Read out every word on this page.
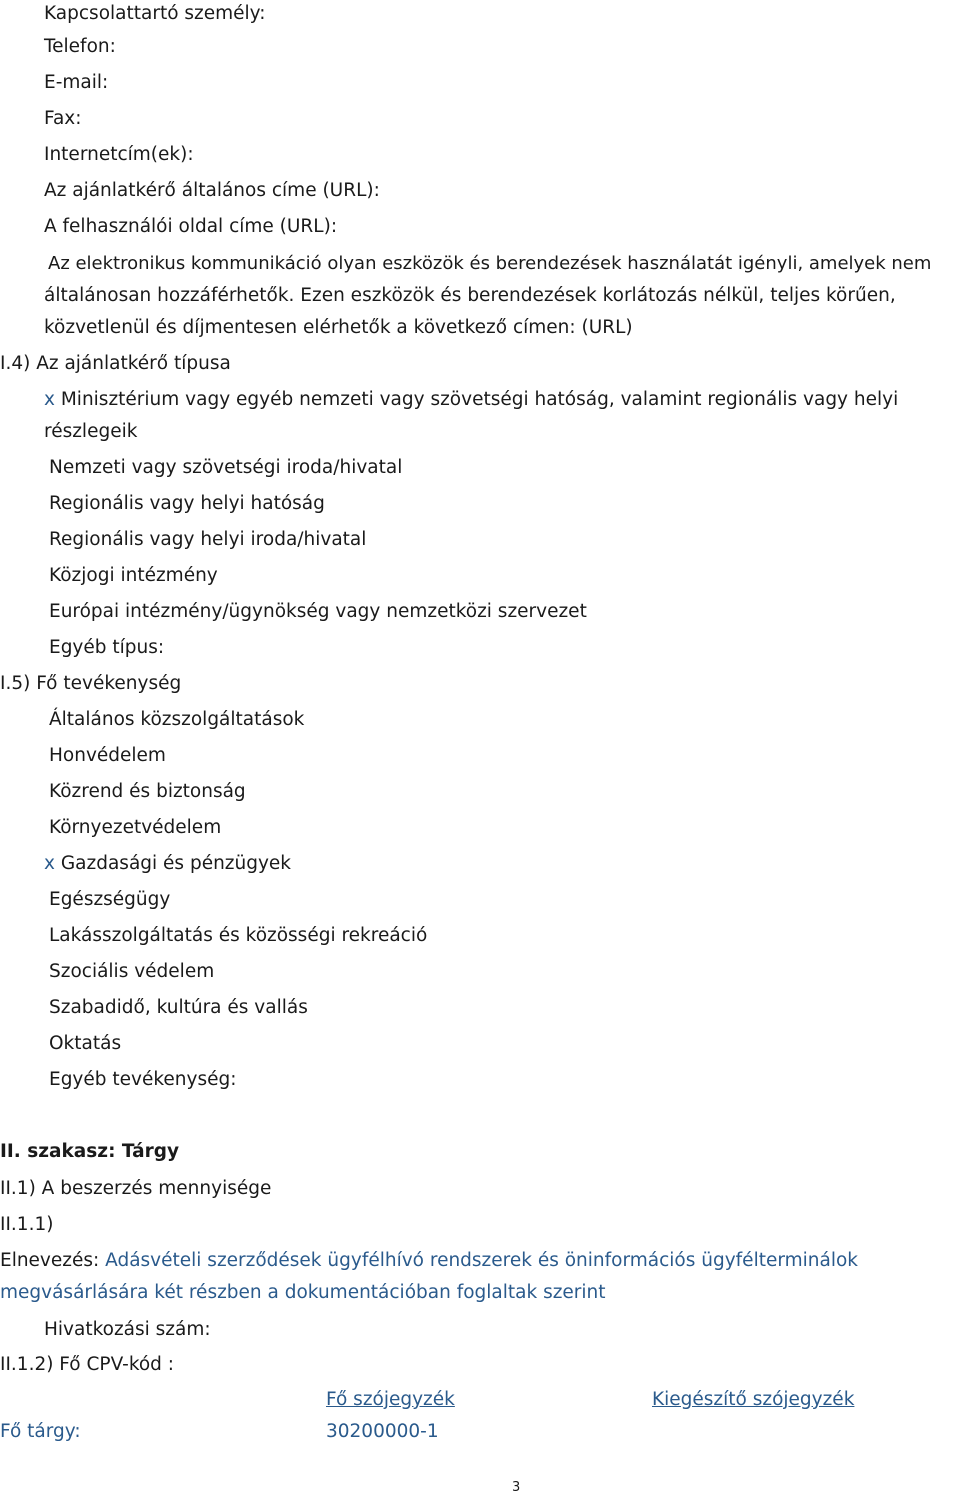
Kapcsolattartó személy:
Telefon:
E-mail:
Fax:
Internetcím(ek):
Az ajánlatkérő általános címe (URL):
A felhasználói oldal címe (URL):
Az elektronikus kommunikáció olyan eszközök és berendezések használatát igényli, amelyek nem
általánosan hozzáférhetők. Ezen eszközök és berendezések korlátozás nélkül, teljes körűen,
közvetlenül és díjmentesen elérhetők a következő címen: (URL)
I.4) Az ajánlatkérő típusa
x Minisztérium vagy egyéb nemzeti vagy szövetségi hatóság, valamint regionális vagy helyi
részlegeik
Nemzeti vagy szövetségi iroda/hivatal
Regionális vagy helyi hatóság
Regionális vagy helyi iroda/hivatal
Közjogi intézmény
Európai intézmény/ügynökség vagy nemzetközi szervezet
Egyéb típus:
I.5) Fő tevékenység
Általános közszolgáltatások
Honvédelem
Közrend és biztonság
Környezetvédelem
x Gazdasági és pénzügyek
Egészségügy
Lakásszolgáltatás és közösségi rekreáció
Szociális védelem
Szabadidő, kultúra és vallás
Oktatás
Egyéb tevékenység:
II. szakasz: Tárgy
II.1) A beszerzés mennyisége
II.1.1)
Elnevezés: Adásvételi szerződések ügyfélhívó rendszerek és öninformációs ügyfélterminálok
megvásárlására két részben a dokumentációban foglaltak szerint
Hivatkozási szám:
II.1.2) Fő CPV-kód :
Fő szójegyzék	Kiegészítő szójegyzék
Fő tárgy:	30200000-1
3
